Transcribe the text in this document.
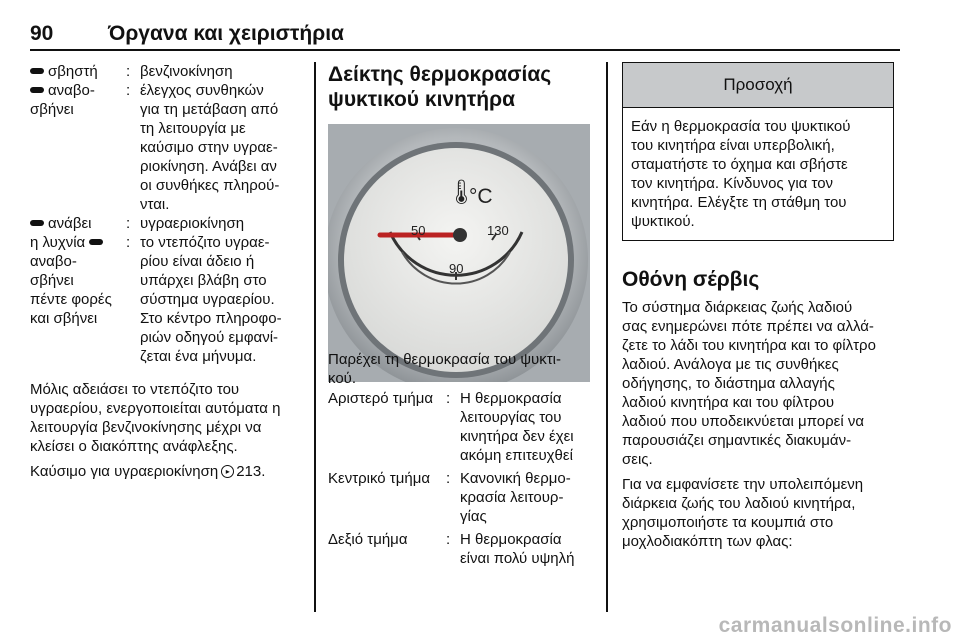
90	Όργανα και χειριστήρια
σβηστή	: βενζινοκίνηση
αναβο-
σβήνει
: έλεγχος συνθηκών
για τη μετάβαση από
τη λειτουργία με
καύσιμο στην υγραε-
ριοκίνηση. Ανάβει αν
οι συνθήκες πληρού-
νται.
ανάβει	: υγραεριοκίνηση
η λυχνία
αναβο-
σβήνει
πέντε φορές
και σβήνει
: το ντεπόζιτο υγραε-
ρίου είναι άδειο ή
υπάρχει βλάβη στο
σύστημα υγραερίου.
Στο κέντρο πληροφο-
ριών οδηγού εμφανί-
ζεται ένα μήνυμα.

Μόλις αδειάσει το ντεπόζιτο του
υγραερίου, ενεργοποιείται αυτόματα η
λειτουργία βενζινοκίνησης μέχρι να
κλείσει ο διακόπτης ανάφλεξης.

Καύσιμο για υγραεριοκίνηση ▸ 213.

Δείκτης θερμοκρασίας
ψυκτικού κινητήρα
🌡
°C
50	130
90
Παρέχει τη θερμοκρασία του ψυκτι-
κού.
Αριστερό τμήμα : Η θερμοκρασία
λειτουργίας του
κινητήρα δεν έχει
ακόμη επιτευχθεί
Κεντρικό τμήμα	: Κανονική θερμο-
κρασία λειτουρ-
γίας
Δεξιό τμήμα	: Η θερμοκρασία
είναι πολύ υψηλή
Προσοχή
Εάν η θερμοκρασία του ψυκτικού
του κινητήρα είναι υπερβολική,
σταματήστε το όχημα και σβήστε
τον κινητήρα. Κίνδυνος για τον
κινητήρα. Ελέγξτε τη στάθμη του
ψυκτικού.
Οθόνη σέρβις
Το σύστημα διάρκειας ζωής λαδιού
σας ενημερώνει πότε πρέπει να αλλά-
ζετε το λάδι του κινητήρα και το φίλτρο
λαδιού. Ανάλογα με τις συνθήκες
οδήγησης, το διάστημα αλλαγής
λαδιού κινητήρα και του φίλτρου
λαδιού που υποδεικνύεται μπορεί να
παρουσιάζει σημαντικές διακυμάν-
σεις.
Για να εμφανίσετε την υπολειπόμενη
διάρκεια ζωής του λαδιού κινητήρα,
χρησιμοποιήστε τα κουμπιά στο
μοχλοδιακόπτη των φλας:
carmanualsonline.info
